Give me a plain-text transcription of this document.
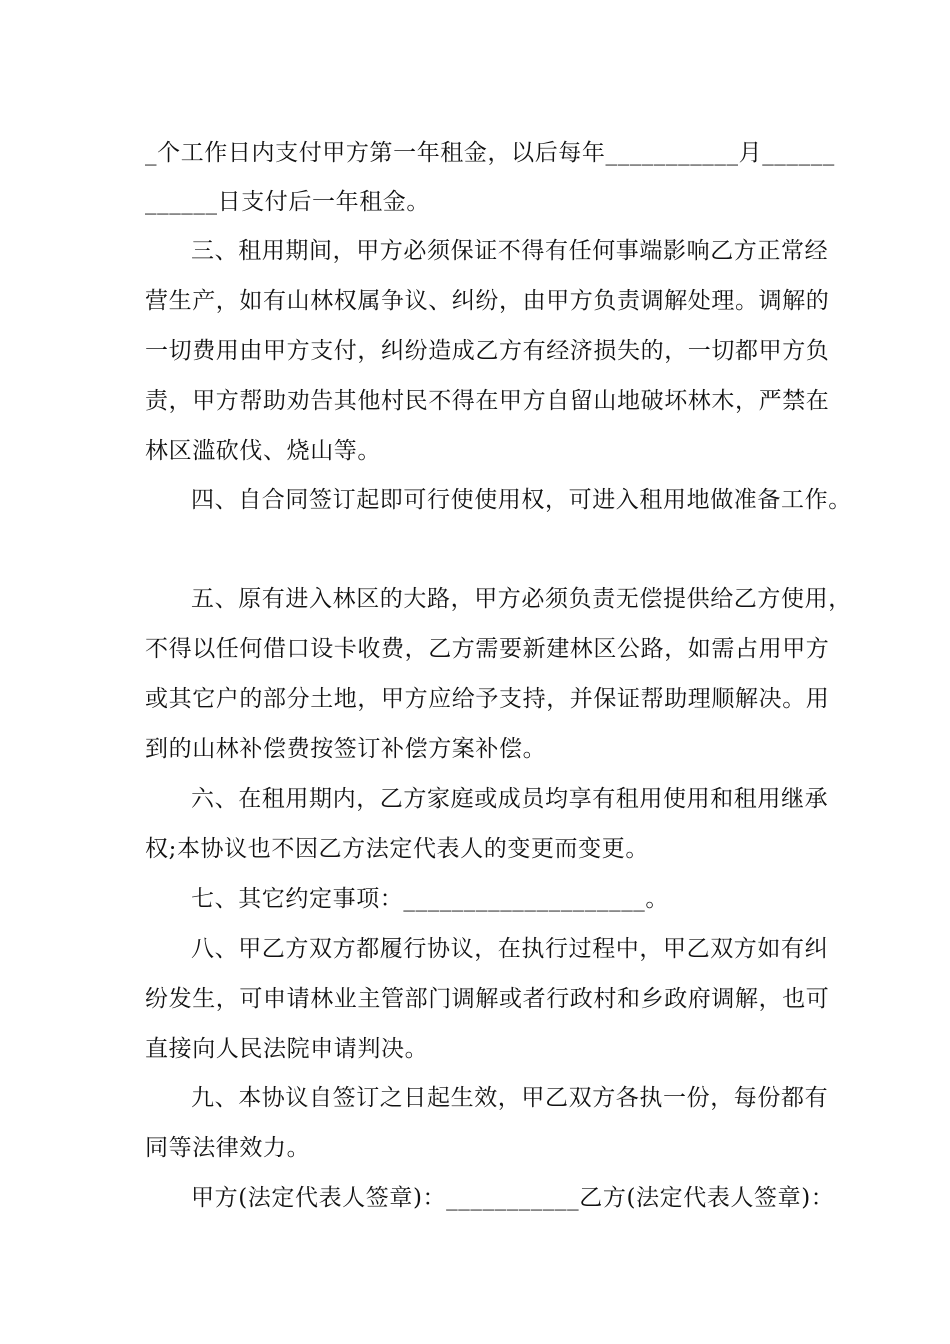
_个工作日内支付甲方第一年租金，以后每年___________月______
______日支付后一年租金。
三、租用期间，甲方必须保证不得有任何事端影响乙方正常经
营生产，如有山林权属争议、纠纷，由甲方负责调解处理。调解的
一切费用由甲方支付，纠纷造成乙方有经济损失的，一切都甲方负
责，甲方帮助劝告其他村民不得在甲方自留山地破坏林木，严禁在
林区滥砍伐、烧山等。
四、自合同签订起即可行使使用权，可进入租用地做准备工作。
五、原有进入林区的大路，甲方必须负责无偿提供给乙方使用，
不得以任何借口设卡收费，乙方需要新建林区公路，如需占用甲方
或其它户的部分土地，甲方应给予支持，并保证帮助理顺解决。用
到的山林补偿费按签订补偿方案补偿。
六、在租用期内，乙方家庭或成员均享有租用使用和租用继承
权;本协议也不因乙方法定代表人的变更而变更。
七、其它约定事项：____________________。
八、甲乙方双方都履行协议，在执行过程中，甲乙双方如有纠
纷发生，可申请林业主管部门调解或者行政村和乡政府调解，也可
直接向人民法院申请判决。
九、本协议自签订之日起生效，甲乙双方各执一份，每份都有
同等法律效力。
甲方(法定代表人签章)：___________乙方(法定代表人签章)：
